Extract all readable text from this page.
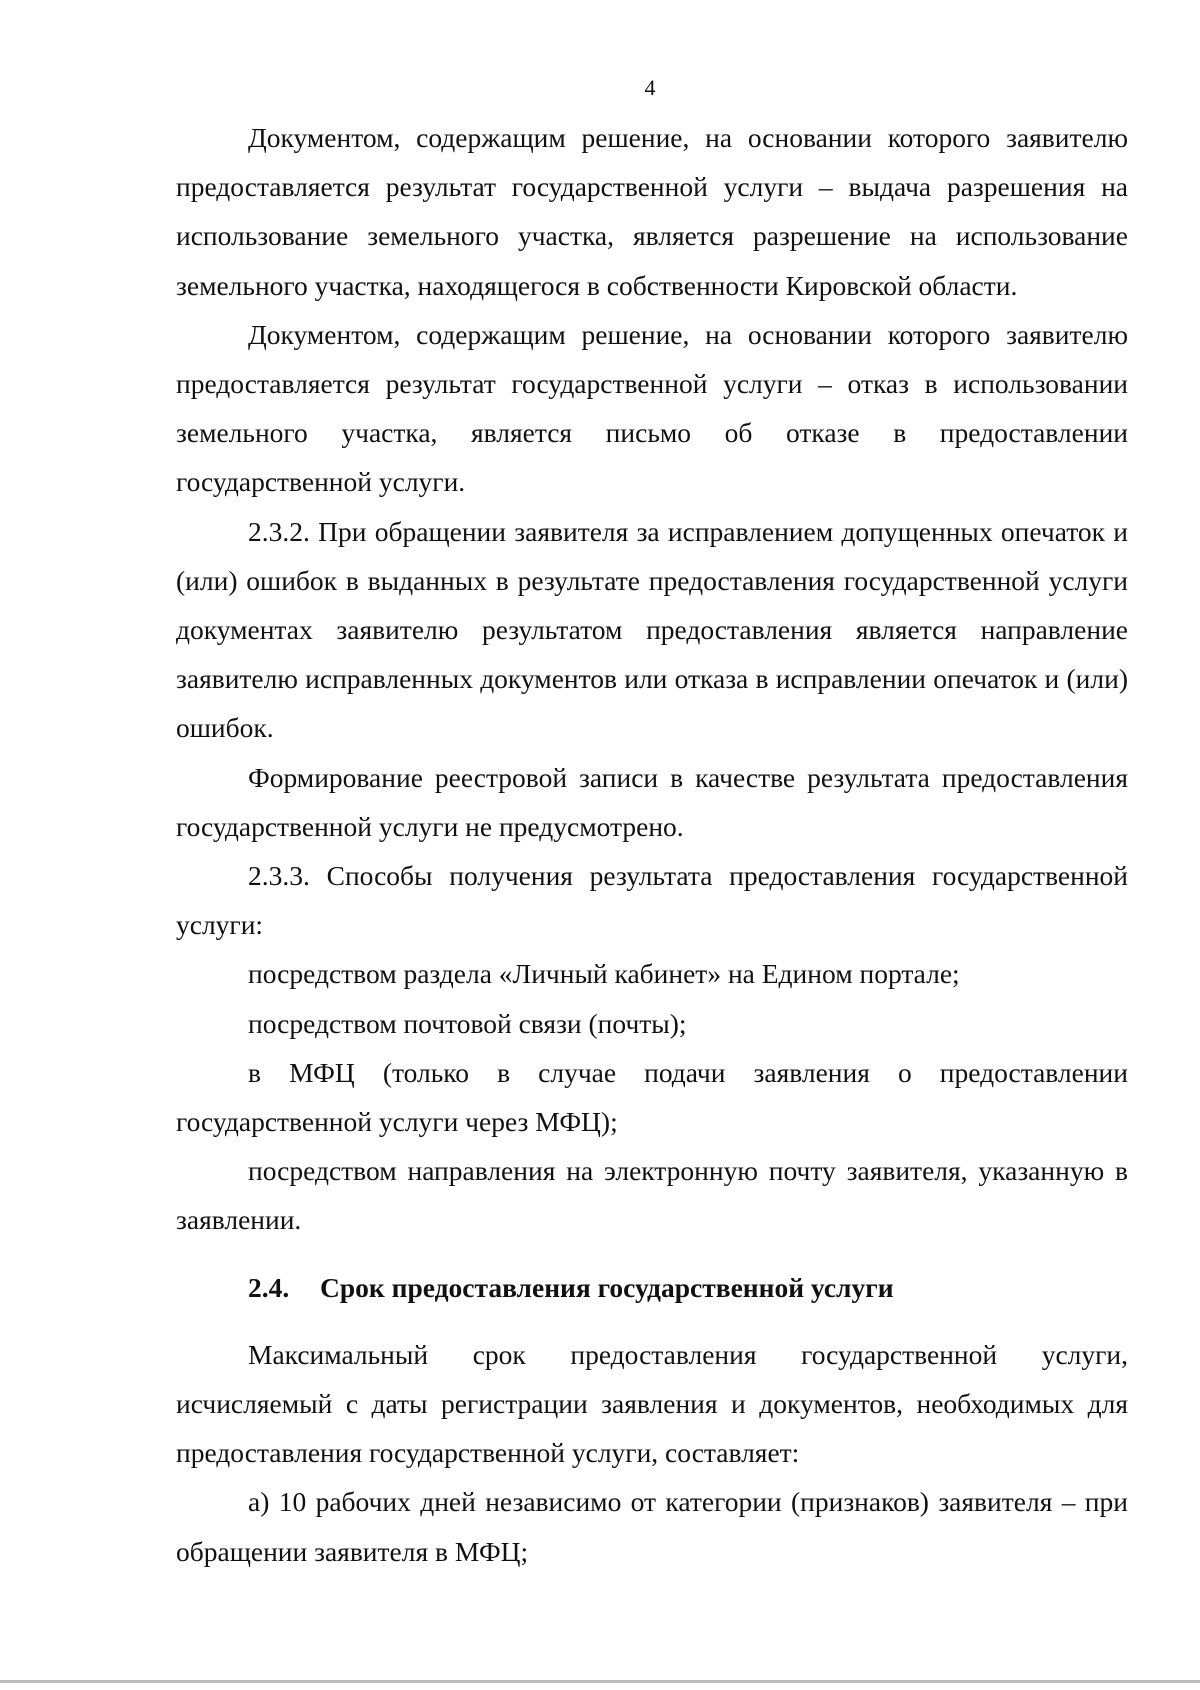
4

Документом, содержащим решение, на основании которого заявителю предоставляется результат государственной услуги – выдача разрешения на использование земельного участка, является разрешение на использование земельного участка, находящегося в собственности Кировской области.

Документом, содержащим решение, на основании которого заявителю предоставляется результат государственной услуги – отказ в использовании земельного участка, является письмо об отказе в предоставлении государственной услуги.

2.3.2. При обращении заявителя за исправлением допущенных опечаток и (или) ошибок в выданных в результате предоставления государственной услуги документах заявителю результатом предоставления является направление заявителю исправленных документов или отказа в исправлении опечаток и (или) ошибок.

Формирование реестровой записи в качестве результата предоставления государственной услуги не предусмотрено.

2.3.3. Способы получения результата предоставления государственной услуги:

посредством раздела «Личный кабинет» на Едином портале;

посредством почтовой связи (почты);

в МФЦ (только в случае подачи заявления о предоставлении государственной услуги через МФЦ);

посредством направления на электронную почту заявителя, указанную в заявлении.

2.4. Срок предоставления государственной услуги

Максимальный срок предоставления государственной услуги, исчисляемый с даты регистрации заявления и документов, необходимых для предоставления государственной услуги, составляет:

а) 10 рабочих дней независимо от категории (признаков) заявителя – при обращении заявителя в МФЦ;
